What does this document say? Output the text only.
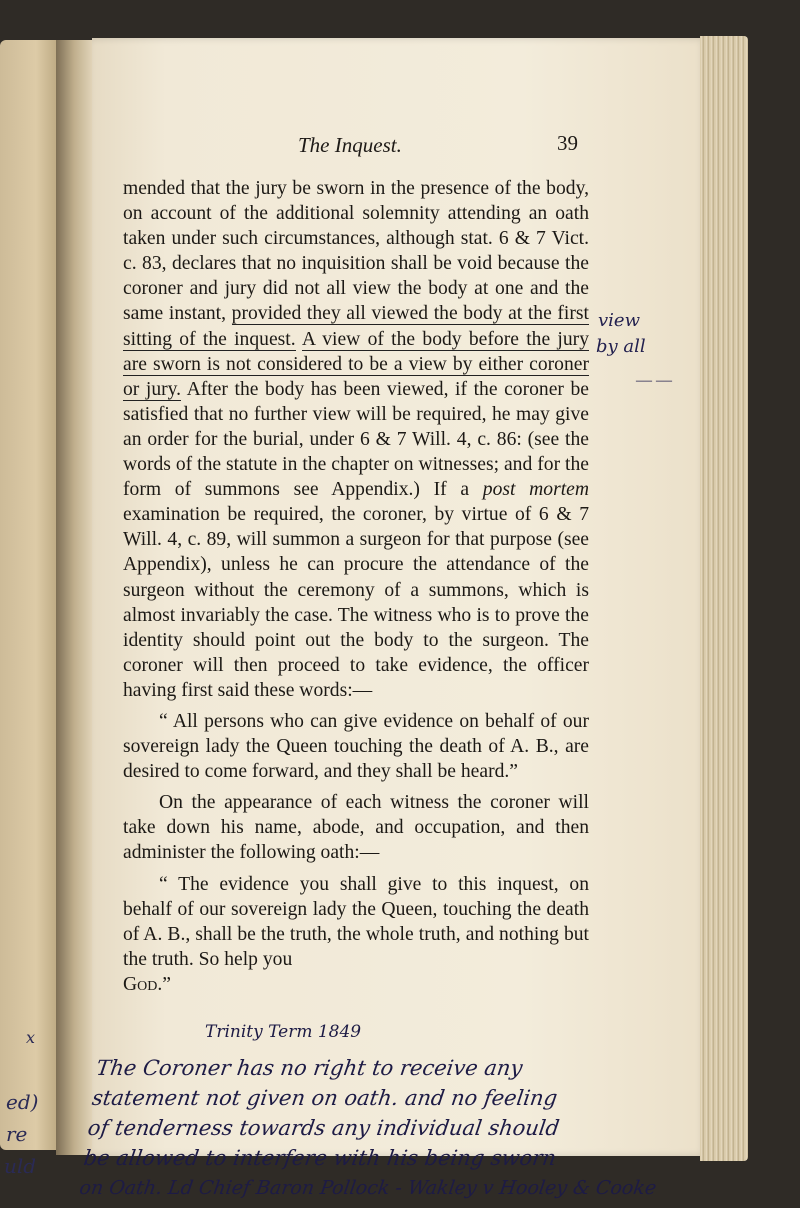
x
ed)
re
uld
The Inquest.	39

mended that the jury be sworn in the presence of the body, on account of the additional solemnity attending an oath taken under such circumstances, although stat. 6 & 7 Vict. c. 83, declares that no inquisition shall be void because the coroner and jury did not all view the body at one and the same instant, provided they all viewed the body at the first sitting of the inquest. A view of the body before the jury are sworn is not considered to be a view by either coroner or jury. After the body has been viewed, if the coroner be satisfied that no further view will be required, he may give an order for the burial, under 6 & 7 Will. 4, c. 86: (see the words of the statute in the chapter on witnesses; and for the form of summons see Appendix.) If a post mortem examination be required, the coroner, by virtue of 6 & 7 Will. 4, c. 89, will summon a surgeon for that purpose (see Appendix), unless he can procure the attendance of the surgeon without the ceremony of a summons, which is almost invariably the case. The witness who is to prove the identity should point out the body to the surgeon. The coroner will then proceed to take evidence, the officer having first said these words:—

“ All persons who can give evidence on behalf of our sovereign lady the Queen touching the death of A. B., are desired to come forward, and they shall be heard.”

On the appearance of each witness the coroner will take down his name, abode, and occupation, and then administer the following oath:—

“ The evidence you shall give to this inquest, on behalf of our sovereign lady the Queen, touching the death of A. B., shall be the truth, the whole truth, and nothing but the truth. So help you
God.”

view
by all
— —
Trinity Term 1849
The Coroner has no right to receive any
statement not given on oath. and no feeling
of tenderness towards any individual should
be allowed to interfere with his being sworn
on Oath. Ld Chief Baron Pollock - Wakley v Hooley & Cooke
